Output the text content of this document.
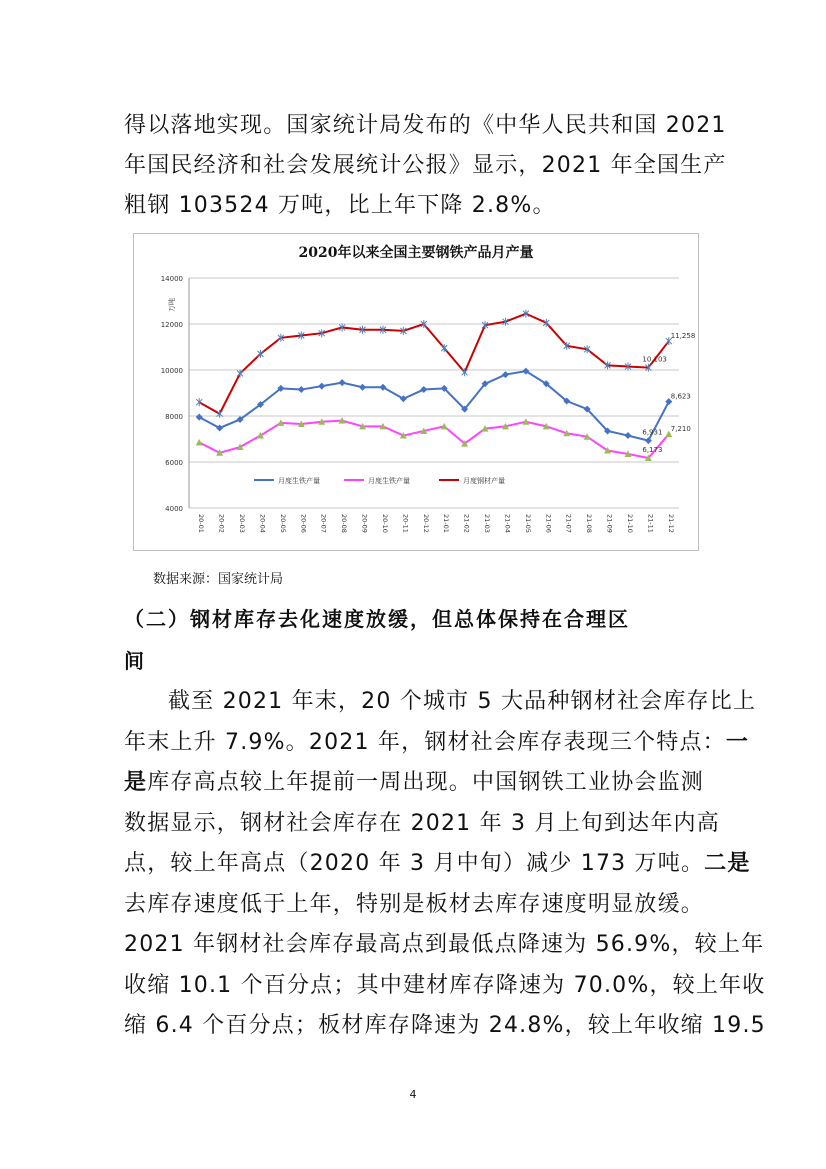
得以落地实现。国家统计局发布的《中华人民共和国 2021
年国民经济和社会发展统计公报》显示，2021 年全国生产
粗钢 103524 万吨，比上年下降 2.8%。

2020年以来全国主要钢铁产品月产量
4000
6000
8000
10000
12000
14000
万吨
20-01 20-02 20-03 20-04 20-05 20-06 20-07 20-08 20-09 20-10 20-11 20-12 21-01 21-02 21-03 21-04 21-05 21-06 21-07 21-08 21-09 21-10 21-11 21-12
6,931
8,623
6,173
7,210
10,103
11,258
月度生铁产量	月度生铁产量	月度钢材产量
数据来源：国家统计局

（二）钢材库存去化速度放缓，但总体保持在合理区
间

截至 2021 年末，20 个城市 5 大品种钢材社会库存比上
年末上升 7.9%。2021 年，钢材社会库存表现三个特点：一
是库存高点较上年提前一周出现。中国钢铁工业协会监测
数据显示，钢材社会库存在 2021 年 3 月上旬到达年内高
点，较上年高点（2020 年 3 月中旬）减少 173 万吨。二是
去库存速度低于上年，特别是板材去库存速度明显放缓。
2021 年钢材社会库存最高点到最低点降速为 56.9%，较上年
收缩 10.1 个百分点；其中建材库存降速为 70.0%，较上年收
缩 6.4 个百分点；板材库存降速为 24.8%，较上年收缩 19.5

4
